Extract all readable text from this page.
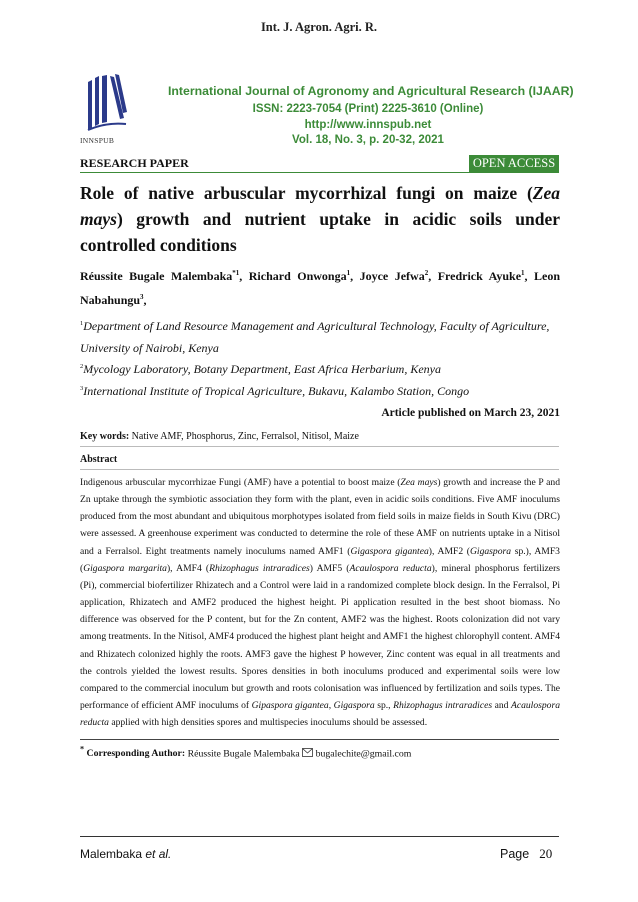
Int. J. Agron. Agri. R.
INNSPUB
International Journal of Agronomy and Agricultural Research (IJAAR)
ISSN: 2223-7054 (Print) 2225-3610 (Online)
http://www.innspub.net
Vol. 18, No. 3, p. 20-32, 2021
RESEARCH PAPER	OPEN ACCESS
Role of native arbuscular mycorrhizal fungi on maize (Zea mays) growth and nutrient uptake in acidic soils under controlled conditions
Réussite Bugale Malembaka$^{*1}$, Richard Onwonga$^1$, Joyce Jefwa$^2$, Fredrick Ayuke$^1$, Leon Nabahungu$^3$,
$^1$Department of Land Resource Management and Agricultural Technology, Faculty of Agriculture, University of Nairobi, Kenya
$^2$Mycology Laboratory, Botany Department, East Africa Herbarium, Kenya
$^3$International Institute of Tropical Agriculture, Bukavu, Kalambo Station, Congo
Article published on March 23, 2021
Key words: Native AMF, Phosphorus, Zinc, Ferralsol, Nitisol, Maize
Abstract

Indigenous arbuscular mycorrhizae Fungi (AMF) have a potential to boost maize (Zea mays) growth and increase the P and Zn uptake through the symbiotic association they form with the plant, even in acidic soils conditions. Five AMF inoculums produced from the most abundant and ubiquitous morphotypes isolated from field soils in maize fields in South Kivu (DRC) were assessed. A greenhouse experiment was conducted to determine the role of these AMF on nutrients uptake in a Nitisol and a Ferralsol. Eight treatments namely inoculums named AMF1 (Gigaspora gigantea), AMF2 (Gigaspora sp.), AMF3 (Gigaspora margarita), AMF4 (Rhizophagus intraradices) AMF5 (Acaulospora reducta), mineral phosphorus fertilizers (Pi), commercial biofertilizer Rhizatech and a Control were laid in a randomized complete block design. In the Ferralsol, Pi application, Rhizatech and AMF2 produced the highest height. Pi application resulted in the best shoot biomass. No difference was observed for the P content, but for the Zn content, AMF2 was the highest. Roots colonization did not vary among treatments. In the Nitisol, AMF4 produced the highest plant height and AMF1 the highest chlorophyll content. AMF4 and Rhizatech colonized highly the roots. AMF3 gave the highest P however, Zinc content was equal in all treatments and the controls yielded the lowest results. Spores densities in both inoculums produced and experimental soils were low compared to the commercial inoculum but growth and roots colonisation was influenced by fertilization and soils types. The performance of efficient AMF inoculums of Gipaspora gigantea, Gigaspora sp., Rhizophagus intraradices and Acaulospora reducta applied with high densities spores and multispecies inoculums should be assessed.

* Corresponding Author: Réussite Bugale Malembaka  bugalechite@gmail.com
Malembaka et al.	Page 20
